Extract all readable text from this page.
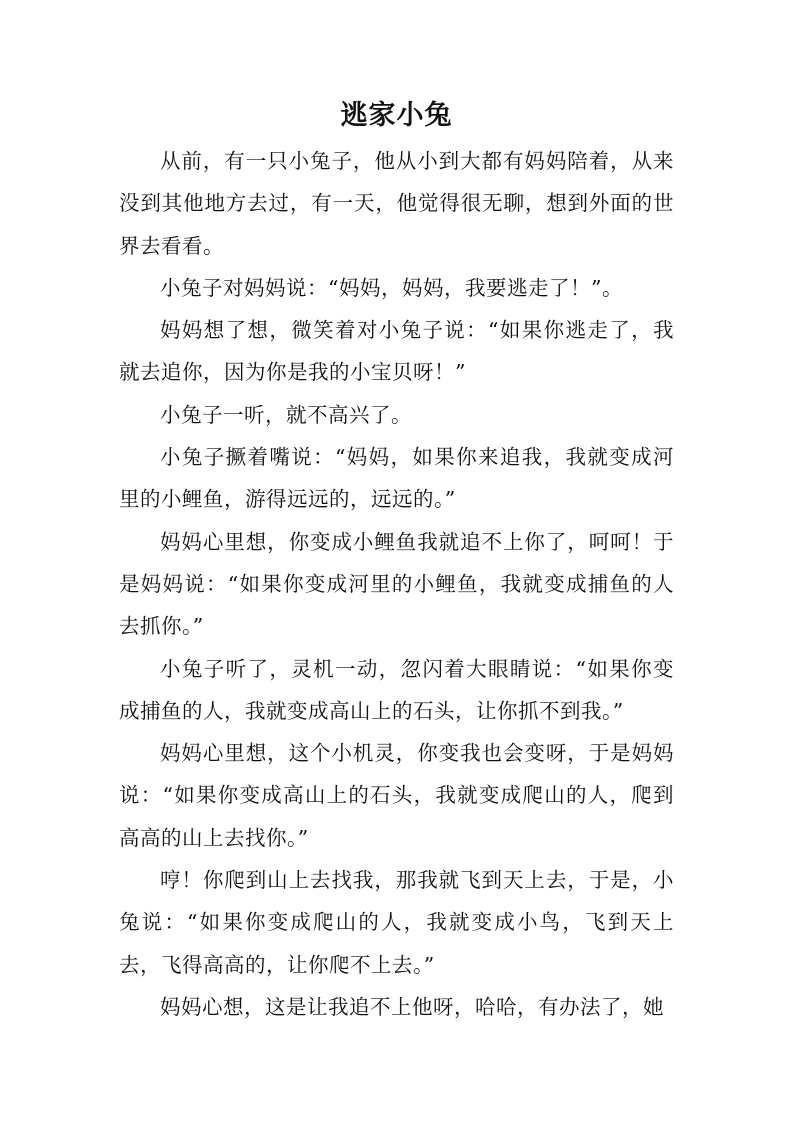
逃家小兔

从前，有一只小兔子，他从小到大都有妈妈陪着，从来没到其他地方去过，有一天，他觉得很无聊，想到外面的世界去看看。

小兔子对妈妈说：“妈妈，妈妈，我要逃走了！”。

妈妈想了想，微笑着对小兔子说：“如果你逃走了，我就去追你，因为你是我的小宝贝呀！”

小兔子一听，就不高兴了。

小兔子撅着嘴说：“妈妈，如果你来追我，我就变成河里的小鲤鱼，游得远远的，远远的。”

妈妈心里想，你变成小鲤鱼我就追不上你了，呵呵！于是妈妈说：“如果你变成河里的小鲤鱼，我就变成捕鱼的人去抓你。”

小兔子听了，灵机一动，忽闪着大眼睛说：“如果你变成捕鱼的人，我就变成高山上的石头，让你抓不到我。”

妈妈心里想，这个小机灵，你变我也会变呀，于是妈妈说：“如果你变成高山上的石头，我就变成爬山的人，爬到高高的山上去找你。”

哼！你爬到山上去找我，那我就飞到天上去，于是，小兔说：“如果你变成爬山的人，我就变成小鸟，飞到天上去，飞得高高的，让你爬不上去。”

妈妈心想，这是让我追不上他呀，哈哈，有办法了，她
